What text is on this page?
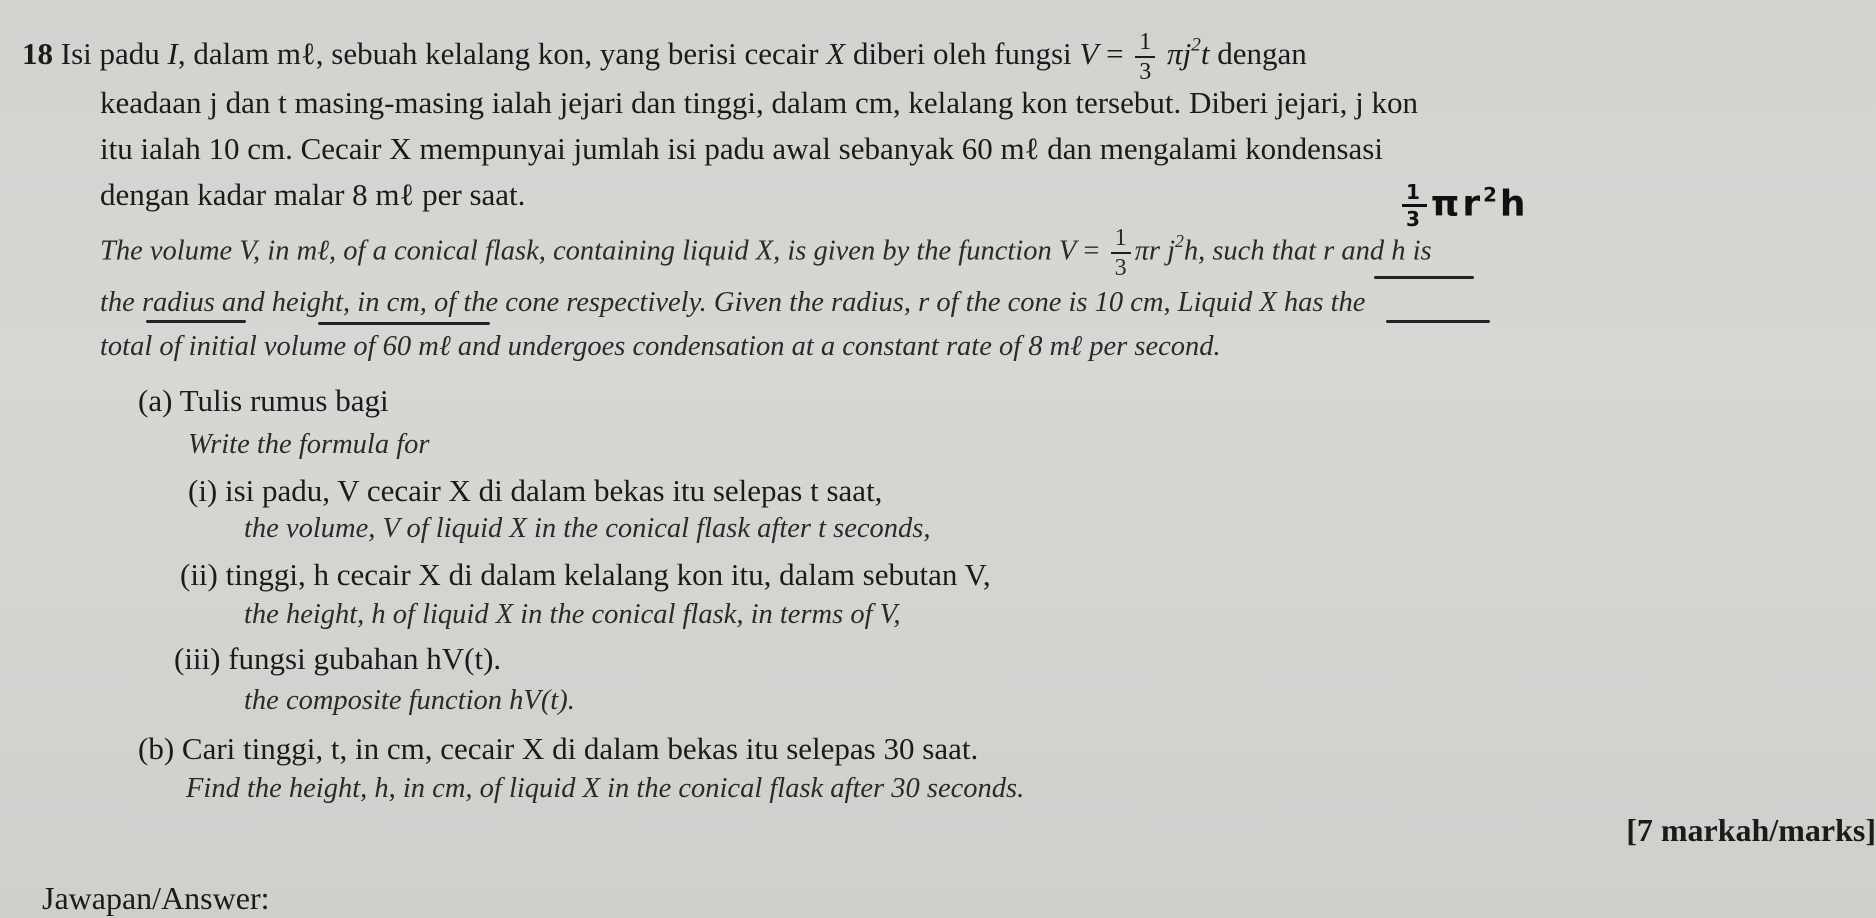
18 Isi padu I, dalam mℓ, sebuah kelalang kon, yang berisi cecair X diberi oleh fungsi $V = \frac{1}{3} \pi j^2t$ dengan
keadaan j dan t masing-masing ialah jejari dan tinggi, dalam cm, kelalang kon tersebut. Diberi jejari, j kon
itu ialah 10 cm. Cecair X mempunyai jumlah isi padu awal sebanyak 60 mℓ dan mengalami kondensasi
dengan kadar malar 8 mℓ per saat.	$\frac{1}{3} \pi r^2h$
The volume V, in mℓ, of a conical flask, containing liquid X, is given by the function $V = \frac{1}{3}$ πr $j^2h$, such that r and h is
the radius and height, in cm, of the cone respectively. Given the radius, r of the cone is 10 cm, Liquid X has the
total of initial volume of 60 mℓ and undergoes condensation at a constant rate of 8 mℓ per second.
(a) Tulis rumus bagi
Write the formula for
(i) isi padu, V cecair X di dalam bekas itu selepas t saat,
the volume, V of liquid X in the conical flask after t seconds,
(ii) tinggi, h cecair X di dalam kelalang kon itu, dalam sebutan V,
the height, h of liquid X in the conical flask, in terms of V,
(iii) fungsi gubahan hV(t).
the composite function hV(t).
(b) Cari tinggi, t, in cm, cecair X di dalam bekas itu selepas 30 saat.
Find the height, h, in cm, of liquid X in the conical flask after 30 seconds.
[7 markah/marks]
Jawapan/Answer:
